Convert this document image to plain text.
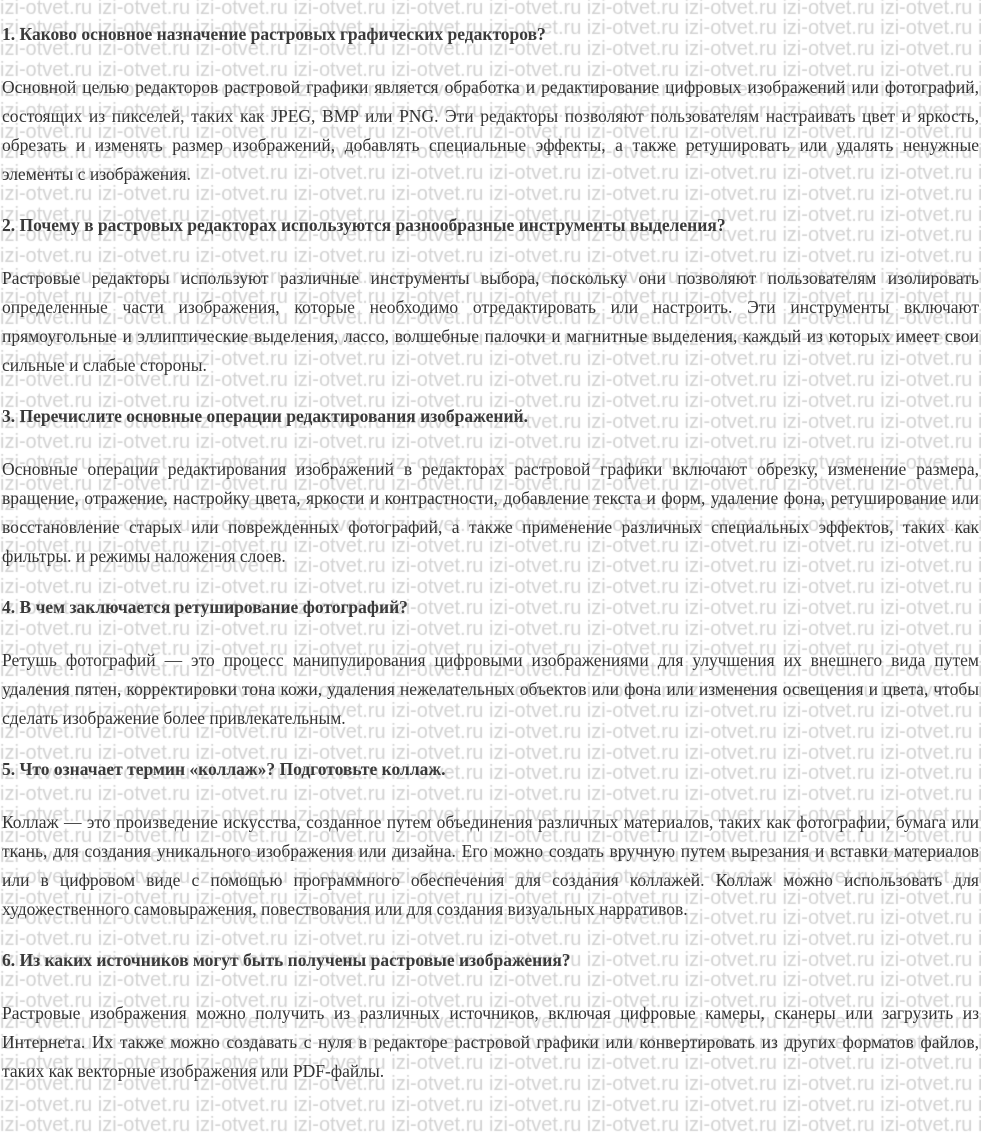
1. Каково основное назначение растровых графических редакторов?

Основной целью редакторов растровой графики является обработка и редактирование цифровых изображений или фотографий, состоящих из пикселей, таких как JPEG, BMP или PNG. Эти редакторы позволяют пользователям настраивать цвет и яркость, обрезать и изменять размер изображений, добавлять специальные эффекты, а также ретушировать или удалять ненужные элементы с изображения.

2. Почему в растровых редакторах используются разнообразные инструменты выделения?

Растровые редакторы используют различные инструменты выбора, поскольку они позволяют пользователям изолировать определенные части изображения, которые необходимо отредактировать или настроить. Эти инструменты включают прямоугольные и эллиптические выделения, лассо, волшебные палочки и магнитные выделения, каждый из которых имеет свои сильные и слабые стороны.

3. Перечислите основные операции редактирования изображений.

Основные операции редактирования изображений в редакторах растровой графики включают обрезку, изменение размера, вращение, отражение, настройку цвета, яркости и контрастности, добавление текста и форм, удаление фона, ретуширование или восстановление старых или поврежденных фотографий, а также применение различных специальных эффектов, таких как фильтры. и режимы наложения слоев.

4. В чем заключается ретуширование фотографий?

Ретушь фотографий — это процесс манипулирования цифровыми изображениями для улучшения их внешнего вида путем удаления пятен, корректировки тона кожи, удаления нежелательных объектов или фона или изменения освещения и цвета, чтобы сделать изображение более привлекательным.

5. Что означает термин «коллаж»? Подготовьте коллаж.

Коллаж — это произведение искусства, созданное путем объединения различных материалов, таких как фотографии, бумага или ткань, для создания уникального изображения или дизайна. Его можно создать вручную путем вырезания и вставки материалов или в цифровом виде с помощью программного обеспечения для создания коллажей. Коллаж можно использовать для художественного самовыражения, повествования или для создания визуальных нарративов.

6. Из каких источников могут быть получены растровые изображения?

Растровые изображения можно получить из различных источников, включая цифровые камеры, сканеры или загрузить из Интернета. Их также можно создавать с нуля в редакторе растровой графики или конвертировать из других форматов файлов, таких как векторные изображения или PDF-файлы.
